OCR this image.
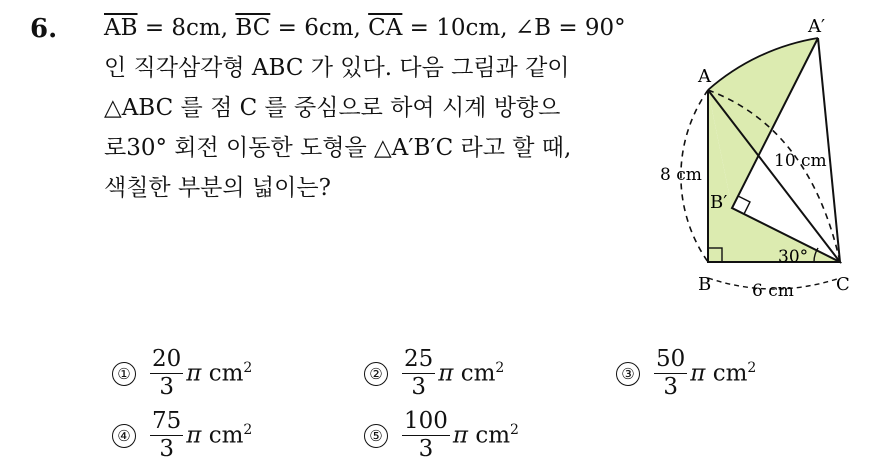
6. $\overline{AB} = 8cm$, $\overline{BC} = 6cm$, $\overline{CA} = 10cm$, ∠B = 90°
인 직각삼각형 ABC 가 있다. 다음 그림과 같이
△ABC 를 점 C 를 중심으로 하여 시계 방향으
로30° 회전 이동한 도형을 △A′B′C 라고 할 때,
색칠한 부분의 넓이는?
A′
A
B′
B	C
8 cm
10 cm
6 cm
30°
① $\frac{20}{3}$ π $cm^2$	② $\frac{25}{3}$ π $cm^2$	③ $\frac{50}{3}$ π $cm^2$
④ $\frac{75}{3}$ π $cm^2$	⑤ $\frac{100}{3}$ π $cm^2$
